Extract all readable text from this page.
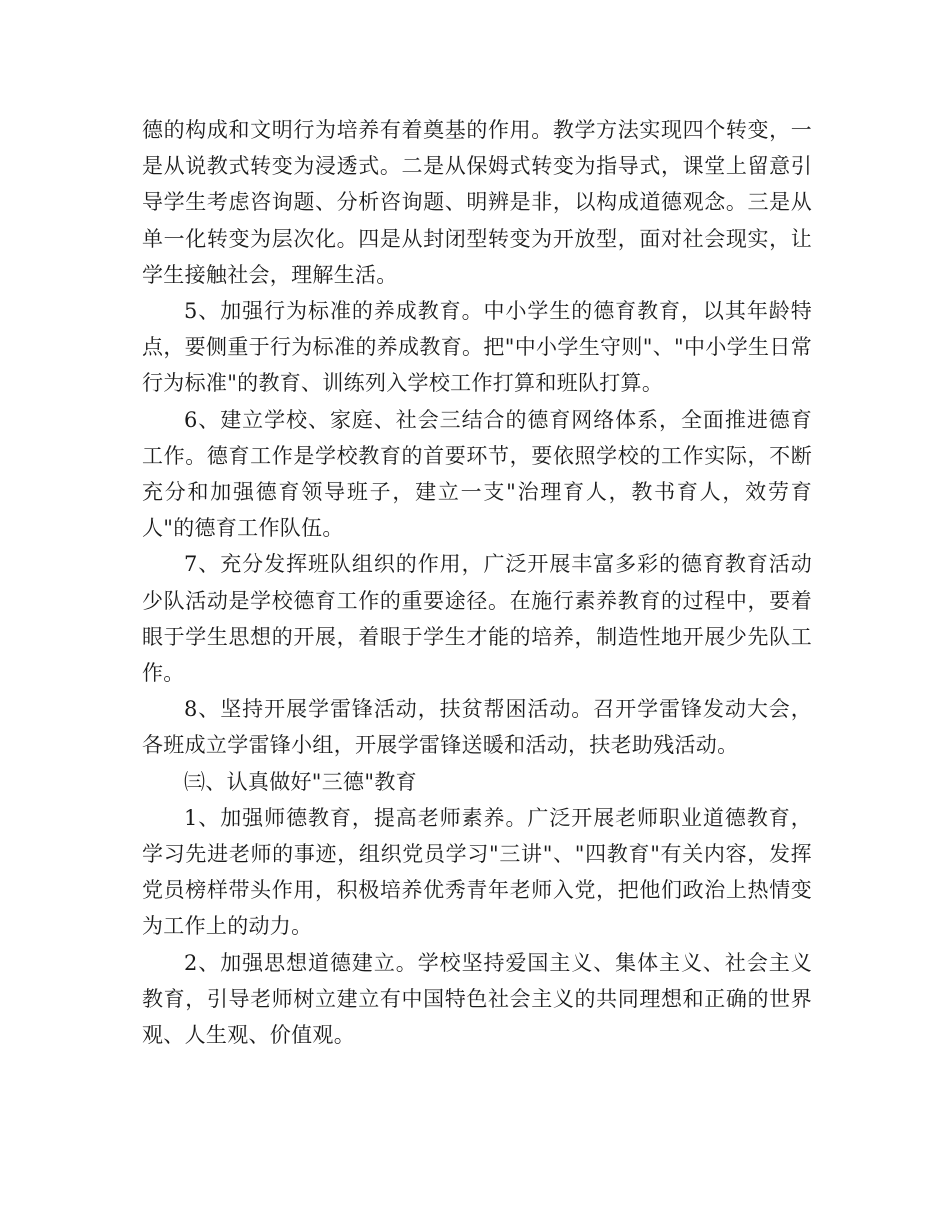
德的构成和文明行为培养有着奠基的作用。教学方法实现四个转变，一是从说教式转变为浸透式。二是从保姆式转变为指导式，课堂上留意引导学生考虑咨询题、分析咨询题、明辨是非，以构成道德观念。三是从单一化转变为层次化。四是从封闭型转变为开放型，面对社会现实，让学生接触社会，理解生活。

5、加强行为标准的养成教育。中小学生的德育教育，以其年龄特点，要侧重于行为标准的养成教育。把"中小学生守则"、"中小学生日常行为标准"的教育、训练列入学校工作打算和班队打算。

6、建立学校、家庭、社会三结合的德育网络体系，全面推进德育工作。德育工作是学校教育的首要环节，要依照学校的工作实际，不断充分和加强德育领导班子，建立一支"治理育人，教书育人，效劳育人"的德育工作队伍。

7、充分发挥班队组织的作用，广泛开展丰富多彩的德育教育活动少队活动是学校德育工作的重要途径。在施行素养教育的过程中，要着眼于学生思想的开展，着眼于学生才能的培养，制造性地开展少先队工作。

8、坚持开展学雷锋活动，扶贫帮困活动。召开学雷锋发动大会，各班成立学雷锋小组，开展学雷锋送暖和活动，扶老助残活动。

㈢、认真做好"三德"教育

1、加强师德教育，提高老师素养。广泛开展老师职业道德教育，学习先进老师的事迹，组织党员学习"三讲"、"四教育"有关内容，发挥党员榜样带头作用，积极培养优秀青年老师入党，把他们政治上热情变为工作上的动力。

2、加强思想道德建立。学校坚持爱国主义、集体主义、社会主义教育，引导老师树立建立有中国特色社会主义的共同理想和正确的世界观、人生观、价值观。
